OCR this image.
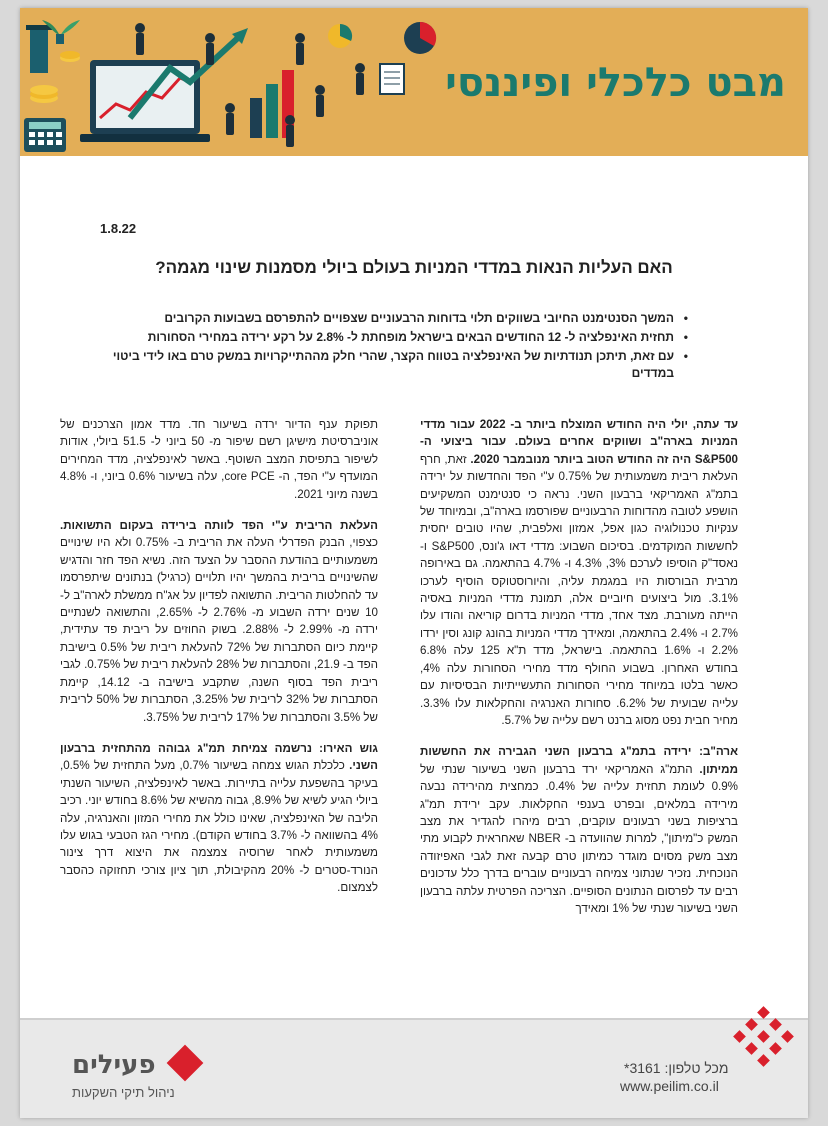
מבט כלכלי ופיננסי
1.8.22
האם העליות הנאות במדדי המניות בעולם ביולי מסמנות שינוי מגמה?
• המשך הסנטימנט החיובי בשווקים תלוי בדוחות הרבעוניים שצפויים להתפרסם בשבועות הקרובים
• תחזית האינפלציה ל- 12 החודשים הבאים בישראל מופחתת ל- 2.8% על רקע ירידה במחירי הסחורות
• עם זאת, תיתכן תנודתיות של האינפלציה בטווח הקצר, שהרי חלק מההתייקרויות במשק טרם באו לידי ביטוי במדדים

עד עתה, יולי היה החודש המוצלח ביותר ב- 2022 עבור מדדי המניות בארה"ב ושווקים אחרים בעולם. עבור ביצועי ה- S&P500 היה זה החודש הטוב ביותר מנובמבר 2020. זאת, חרף העלאת ריבית משמעותית של 0.75% ע"י הפד והחדשות על ירידה בתמ"ג האמריקאי ברבעון השני. נראה כי סנטימנט המשקיעים הושפע לטובה מהדוחות הרבעוניים שפורסמו בארה"ב, ובמיוחד של ענקיות טכנולוגיה כגון אפל, אמזון ואלפבית, שהיו טובים יחסית לחששות המוקדמים. בסיכום השבוע: מדדי דאו ג'ונס, S&P500 ו- נאסד"ק הוסיפו לערכם 3%, 4.3% ו- 4.7% בהתאמה. גם באירופה מרבית הבורסות היו במגמת עליה, והיורוסטוקס הוסיף לערכו 3.1%. מול ביצועים חיוביים אלה, תמונת מדדי המניות באסיה הייתה מעורבת. מצד אחד, מדדי המניות בדרום קוריאה והודו עלו 2.7% ו- 2.4% בהתאמה, ומאידך מדדי המניות בהונג קונג וסין ירדו 2.2% ו- 1.6% בהתאמה. בישראל, מדד ת"א 125 עלה 6.8% בחודש האחרון. בשבוע החולף מדד מחירי הסחורות עלה 4%, כאשר בלטו במיוחד מחירי הסחורות התעשייתיות הבסיסיות עם עלייה שבועית של 6.2%. סחורות האנרגיה והחקלאות עלו 3.3%. מחיר חבית נפט מסוג ברנט רשם עלייה של 5.7%.

ארה"ב: ירידה בתמ"ג ברבעון השני הגבירה את החששות ממיתון. התמ"ג האמריקאי ירד ברבעון השני בשיעור שנתי של 0.9% לעומת תחזית עלייה של 0.4%. כמחצית מהירידה נבעה מירידה במלאים, ובפרט בענפי החקלאות. עקב ירידת תמ"ג ברציפות בשני רבעונים עוקבים, רבים מיהרו להגדיר את מצב המשק כ"מיתון", למרות שהוועדה ב- NBER שאחראית לקבוע מתי מצב משק מסוים מוגדר כמיתון טרם קבעה זאת לגבי האפיזודה הנוכחית. נזכיר שנתוני צמיחה רבעוניים עוברים בדרך כלל עדכונים רבים עד לפרסום הנתונים הסופיים. הצריכה הפרטית עלתה ברבעון השני בשיעור שנתי של 1% ומאידך

תפוקת ענף הדיור ירדה בשיעור חד. מדד אמון הצרכנים של אוניברסיטת מישיגן רשם שיפור מ- 50 ביוני ל- 51.5 ביולי, אודות לשיפור בתפיסת המצב השוטף. באשר לאינפלציה, מדד המחירים המועדף ע"י הפד, ה- core PCE, עלה בשיעור 0.6% ביוני, ו- 4.8% בשנה מיוני 2021.

העלאת הריבית ע"י הפד לוותה בירידה בעקום התשואות. כצפוי, הבנק הפדרלי העלה את הריבית ב- 0.75% ולא היו שינויים משמעותיים בהודעת ההסבר על הצעד הזה. נשיא הפד חזר והדגיש שהשינויים בריבית בהמשך יהיו תלויים (כרגיל) בנתונים שיתפרסמו עד להחלטות הריבית. התשואה לפדיון על אג"ח ממשלת לארה"ב ל- 10 שנים ירדה השבוע מ- 2.76% ל- 2.65%, והתשואה לשנתיים ירדה מ- 2.99% ל- 2.88%. בשוק החוזים על ריבית פד עתידית, קיימת כיום הסתברות של 72% להעלאת ריבית של 0.5% בישיבת הפד ב- 21.9, והסתברות של 28% להעלאת ריבית של 0.75%. לגבי ריבית הפד בסוף השנה, שתקבע בישיבה ב- 14.12, קיימת הסתברות של 32% לריבית של 3.25%, הסתברות של 50% לריבית של 3.5% והסתברות של 17% לריבית של 3.75%.

גוש האירו: נרשמה צמיחת תמ"ג גבוהה מהתחזית ברבעון השני. כלכלת הגוש צמחה בשיעור 0.7%, מעל התחזית של 0.5%, בעיקר בהשפעת עלייה בתיירות. באשר לאינפלציה, השיעור השנתי ביולי הגיע לשיא של 8.9%, גבוה מהשיא של 8.6% בחודש יוני. רכיב הליבה של האינפלציה, שאינו כולל את מחירי המזון והאנרגיה, עלה 4% בהשוואה ל- 3.7% בחודש הקודם). מחירי הגז הטבעי בגוש עלו משמעותית לאחר שרוסיה צמצמה את היצוא דרך צינור הנורד-סטרים ל- 20% מהקיבולת, תוך ציון צורכי תחזוקה כהסבר לצמצום.

פעילים
ניהול תיקי השקעות
מכל טלפון: 3161*
www.peilim.co.il
